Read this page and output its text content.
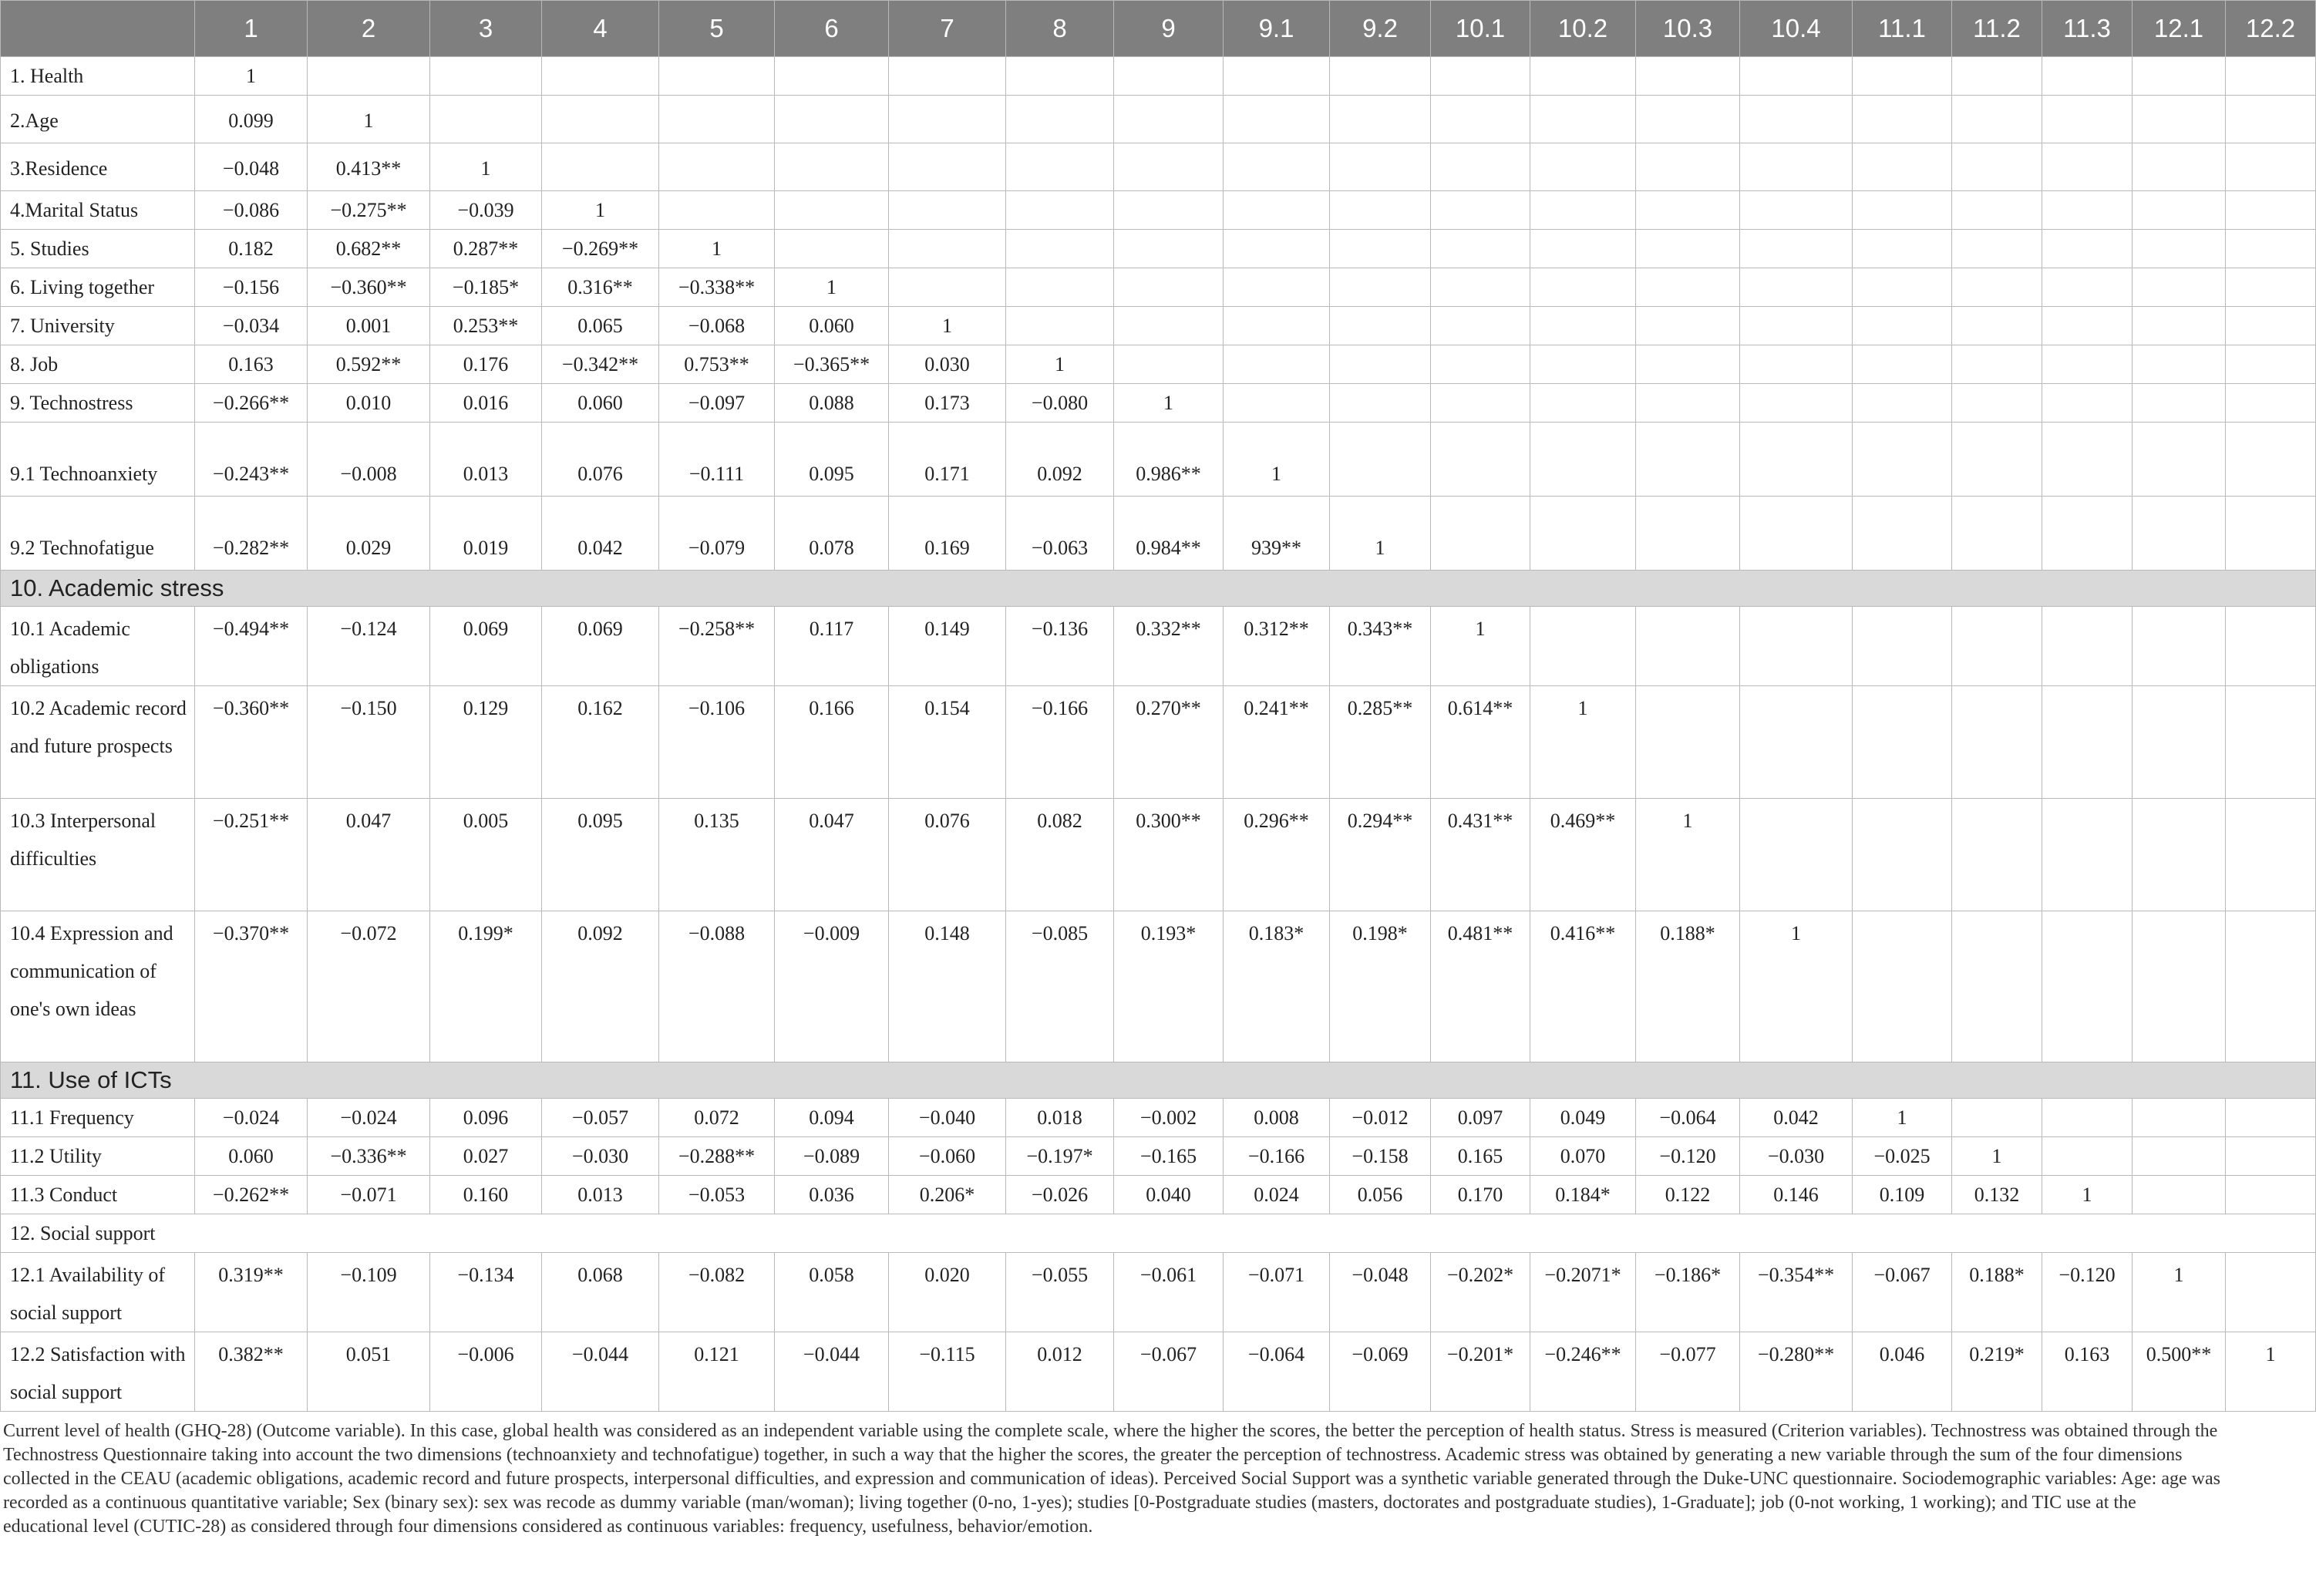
	1	2	3	4	5	6	7	8	9	9.1	9.2	10.1	10.2	10.3	10.4	11.1	11.2	11.3	12.1	12.2
1. Health	1																			
2.Age	0.099	1																		
3.Residence	−0.048	0.413**	1																	
4.Marital Status	−0.086	−0.275**	−0.039	1																
5. Studies	0.182	0.682**	0.287**	−0.269**	1															
6. Living together	−0.156	−0.360**	−0.185*	0.316**	−0.338**	1														
7. University	−0.034	0.001	0.253**	0.065	−0.068	0.060	1													
8. Job	0.163	0.592**	0.176	−0.342**	0.753**	−0.365**	0.030	1												
9. Technostress	−0.266**	0.010	0.016	0.060	−0.097	0.088	0.173	−0.080	1											
9.1 Technoanxiety	−0.243**	−0.008	0.013	0.076	−0.111	0.095	0.171	0.092	0.986**	1										
9.2 Technofatigue	−0.282**	0.029	0.019	0.042	−0.079	0.078	0.169	−0.063	0.984**	939**	1									
10. Academic stress																				
10.1 Academic obligations	−0.494**	−0.124	0.069	0.069	−0.258**	0.117	0.149	−0.136	0.332**	0.312**	0.343**	1								
10.2 Academic record and future prospects	−0.360**	−0.150	0.129	0.162	−0.106	0.166	0.154	−0.166	0.270**	0.241**	0.285**	0.614**	1							
10.3 Interpersonal difficulties	−0.251**	0.047	0.005	0.095	0.135	0.047	0.076	0.082	0.300**	0.296**	0.294**	0.431**	0.469**	1						
10.4 Expression and communication of one's own ideas	−0.370**	−0.072	0.199*	0.092	−0.088	−0.009	0.148	−0.085	0.193*	0.183*	0.198*	0.481**	0.416**	0.188*	1					
11. Use of ICTs																				
11.1 Frequency	−0.024	−0.024	0.096	−0.057	0.072	0.094	−0.040	0.018	−0.002	0.008	−0.012	0.097	0.049	−0.064	0.042	1				
11.2 Utility	0.060	−0.336**	0.027	−0.030	−0.288**	−0.089	−0.060	−0.197*	−0.165	−0.166	−0.158	0.165	0.070	−0.120	−0.030	−0.025	1			
11.3 Conduct	−0.262**	−0.071	0.160	0.013	−0.053	0.036	0.206*	−0.026	0.040	0.024	0.056	0.170	0.184*	0.122	0.146	0.109	0.132	1		
12. Social support																				
12.1 Availability of social support	0.319**	−0.109	−0.134	0.068	−0.082	0.058	0.020	−0.055	−0.061	−0.071	−0.048	−0.202*	−0.2071*	−0.186*	−0.354**	−0.067	0.188*	−0.120	1	
12.2 Satisfaction with social support	0.382**	0.051	−0.006	−0.044	0.121	−0.044	−0.115	0.012	−0.067	−0.064	−0.069	−0.201*	−0.246**	−0.077	−0.280**	0.046	0.219*	0.163	0.500**	1
Current level of health (GHQ-28) (Outcome variable). In this case, global health was considered as an independent variable using the complete scale, where the higher the scores, the better the perception of health status. Stress is measured (Criterion variables). Technostress was obtained through the Technostress Questionnaire taking into account the two dimensions (technoanxiety and technofatigue) together, in such a way that the higher the scores, the greater the perception of technostress. Academic stress was obtained by generating a new variable through the sum of the four dimensions collected in the CEAU (academic obligations, academic record and future prospects, interpersonal difficulties, and expression and communication of ideas). Perceived Social Support was a synthetic variable generated through the Duke-UNC questionnaire. Sociodemographic variables: Age: age was recorded as a continuous quantitative variable; Sex (binary sex): sex was recode as dummy variable (man/woman); living together (0-no, 1-yes); studies [0-Postgraduate studies (masters, doctorates and postgraduate studies), 1-Graduate]; job (0-not working, 1 working); and TIC use at the educational level (CUTIC-28) as considered through four dimensions considered as continuous variables: frequency, usefulness, behavior/emotion.
